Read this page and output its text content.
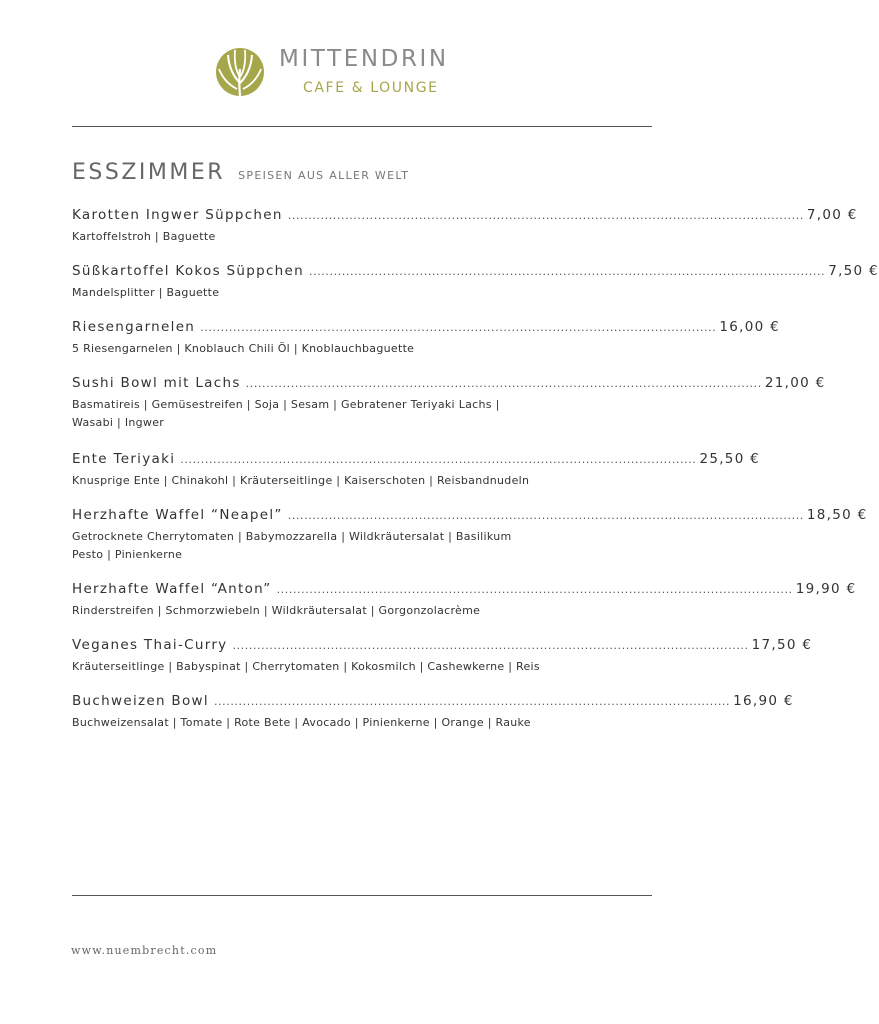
MITTENDRIN
CAFE & LOUNGE
ESSZIMMER SPEISEN AUS ALLER WELT
Karotten Ingwer Süppchen .............................................................................................................................. 7,00 €
Kartoffelstroh | Baguette
Süßkartoffel Kokos Süppchen .............................................................................................................................. 7,50 €
Mandelsplitter | Baguette
Riesengarnelen .............................................................................................................................. 16,00 €
5 Riesengarnelen | Knoblauch Chili Öl | Knoblauchbaguette
Sushi Bowl mit Lachs .............................................................................................................................. 21,00 €
Basmatireis | Gemüsestreifen | Soja | Sesam | Gebratener Teriyaki Lachs | Wasabi | Ingwer
Ente Teriyaki .............................................................................................................................. 25,50 €
Knusprige Ente | Chinakohl | Kräuterseitlinge | Kaiserschoten | Reisbandnudeln
Herzhafte Waffel “Neapel” .............................................................................................................................. 18,50 €
Getrocknete Cherrytomaten | Babymozzarella | Wildkräutersalat | Basilikum Pesto | Pinienkerne
Herzhafte Waffel “Anton” .............................................................................................................................. 19,90 €
Rinderstreifen | Schmorzwiebeln | Wildkräutersalat | Gorgonzolacrème
Veganes Thai-Curry .............................................................................................................................. 17,50 €
Kräuterseitlinge | Babyspinat | Cherrytomaten | Kokosmilch | Cashewkerne | Reis
Buchweizen Bowl .............................................................................................................................. 16,90 €
Buchweizensalat | Tomate | Rote Bete | Avocado | Pinienkerne | Orange | Rauke
www.nuembrecht.com
